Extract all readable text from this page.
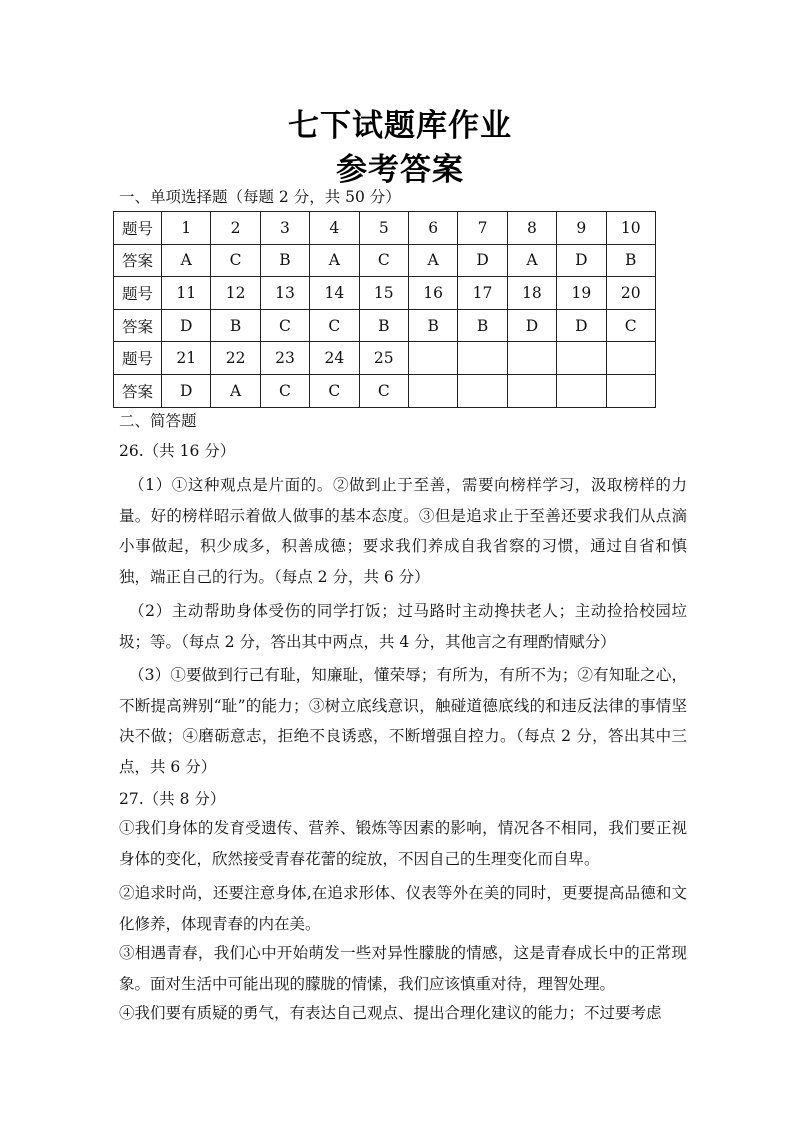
七下试题库作业
参考答案
一、单项选择题（每题 2 分，共 50 分）
题号	1	2	3	4	5	6	7	8	9	10
答案	A	C	B	A	C	A	D	A	D	B
题号	11	12	13	14	15	16	17	18	19	20
答案	D	B	C	C	B	B	B	D	D	C
题号	21	22	23	24	25					
答案	D	A	C	C	C					
二、简答题
26.（共 16 分）
（1）①这种观点是片面的。②做到止于至善，需要向榜样学习，汲取榜样的力量。好的榜样昭示着做人做事的基本态度。③但是追求止于至善还要求我们从点滴小事做起，积少成多，积善成德；要求我们养成自我省察的习惯，通过自省和慎独，端正自己的行为。（每点 2 分，共 6 分）
（2）主动帮助身体受伤的同学打饭；过马路时主动搀扶老人；主动捡拾校园垃圾；等。（每点 2 分，答出其中两点，共 4 分，其他言之有理酌情赋分）
（3）①要做到行己有耻，知廉耻，懂荣辱；有所为，有所不为；②有知耻之心，不断提高辨别“耻”的能力；③树立底线意识，触碰道德底线的和违反法律的事情坚决不做；④磨砺意志，拒绝不良诱惑，不断增强自控力。（每点 2 分，答出其中三点，共 6 分）
27.（共 8 分）
①我们身体的发育受遗传、营养、锻炼等因素的影响，情况各不相同，我们要正视身体的变化，欣然接受青春花蕾的绽放，不因自己的生理变化而自卑。
②追求时尚，还要注意身体,在追求形体、仪表等外在美的同时，更要提高品德和文化修养，体现青春的内在美。
③相遇青春，我们心中开始萌发一些对异性朦胧的情感，这是青春成长中的正常现象。面对生活中可能出现的朦胧的情愫，我们应该慎重对待，理智处理。
④我们要有质疑的勇气，有表达自己观点、提出合理化建议的能力；不过要考虑
